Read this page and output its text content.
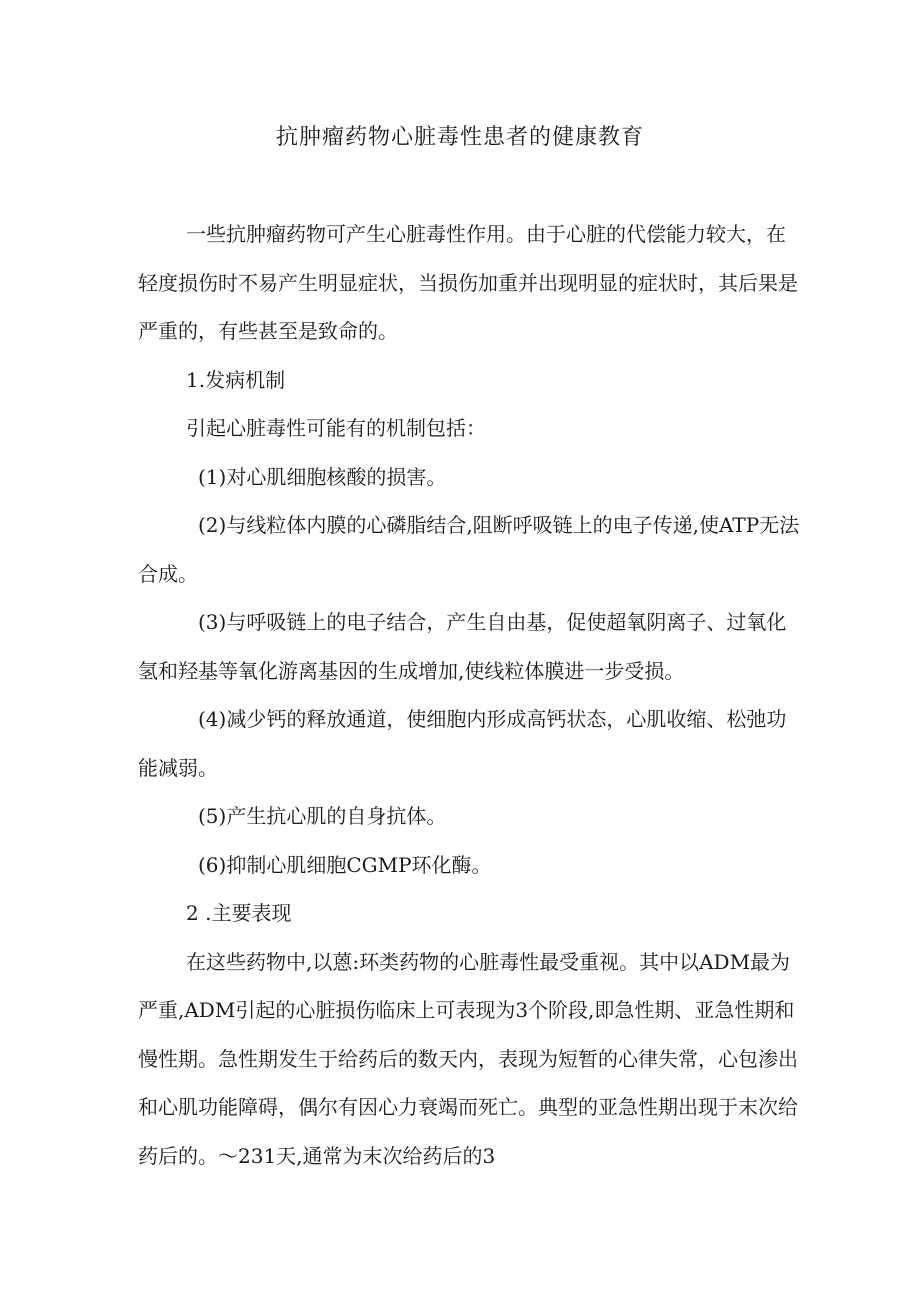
抗肿瘤药物心脏毒性患者的健康教育

一些抗肿瘤药物可产生心脏毒性作用。由于心脏的代偿能力较大，在轻度损伤时不易产生明显症状，当损伤加重并出现明显的症状时，其后果是严重的，有些甚至是致命的。

1.发病机制

引起心脏毒性可能有的机制包括：

(1)对心肌细胞核酸的损害。

(2)与线粒体内膜的心磷脂结合,阻断呼吸链上的电子传递,使ATP无法合成。

(3)与呼吸链上的电子结合，产生自由基，促使超氧阴离子、过氧化氢和羟基等氧化游离基因的生成增加,使线粒体膜进一步受损。

(4)减少钙的释放通道，使细胞内形成高钙状态，心肌收缩、松弛功能减弱。

(5)产生抗心肌的自身抗体。

(6)抑制心肌细胞CGMP环化酶。

2 .主要表现

在这些药物中,以蒽:环类药物的心脏毒性最受重视。其中以ADM最为严重,ADM引起的心脏损伤临床上可表现为3个阶段,即急性期、亚急性期和慢性期。急性期发生于给药后的数天内，表现为短暂的心律失常，心包渗出和心肌功能障碍，偶尔有因心力衰竭而死亡。典型的亚急性期出现于末次给药后的。～231天,通常为末次给药后的3
